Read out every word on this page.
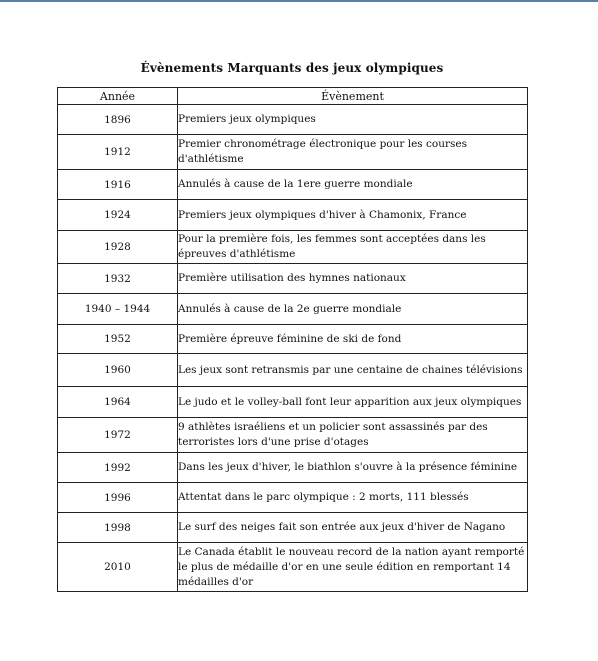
Évènements Marquants des jeux olympiques
Année	Évènement
1896	Premiers jeux olympiques
1912	Premier chronométrage électronique pour les courses d'athlétisme
1916	Annulés à cause de la 1ere guerre mondiale
1924	Premiers jeux olympiques d'hiver à Chamonix, France
1928	Pour la première fois, les femmes sont acceptées dans les épreuves d'athlétisme
1932	Première utilisation des hymnes nationaux
1940 – 1944	Annulés à cause de la 2e guerre mondiale
1952	Première épreuve féminine de ski de fond
1960	Les jeux sont retransmis par une centaine de chaines télévisions
1964	Le judo et le volley-ball font leur apparition aux jeux olympiques
1972	9 athlètes israéliens et un policier sont assassinés par des terroristes lors d'une prise d'otages
1992	Dans les jeux d'hiver, le biathlon s'ouvre à la présence féminine
1996	Attentat dans le parc olympique : 2 morts, 111 blessés
1998	Le surf des neiges fait son entrée aux jeux d'hiver de Nagano
2010	Le Canada établit le nouveau record de la nation ayant remporté le plus de médaille d'or en une seule édition en remportant 14 médailles d'or
